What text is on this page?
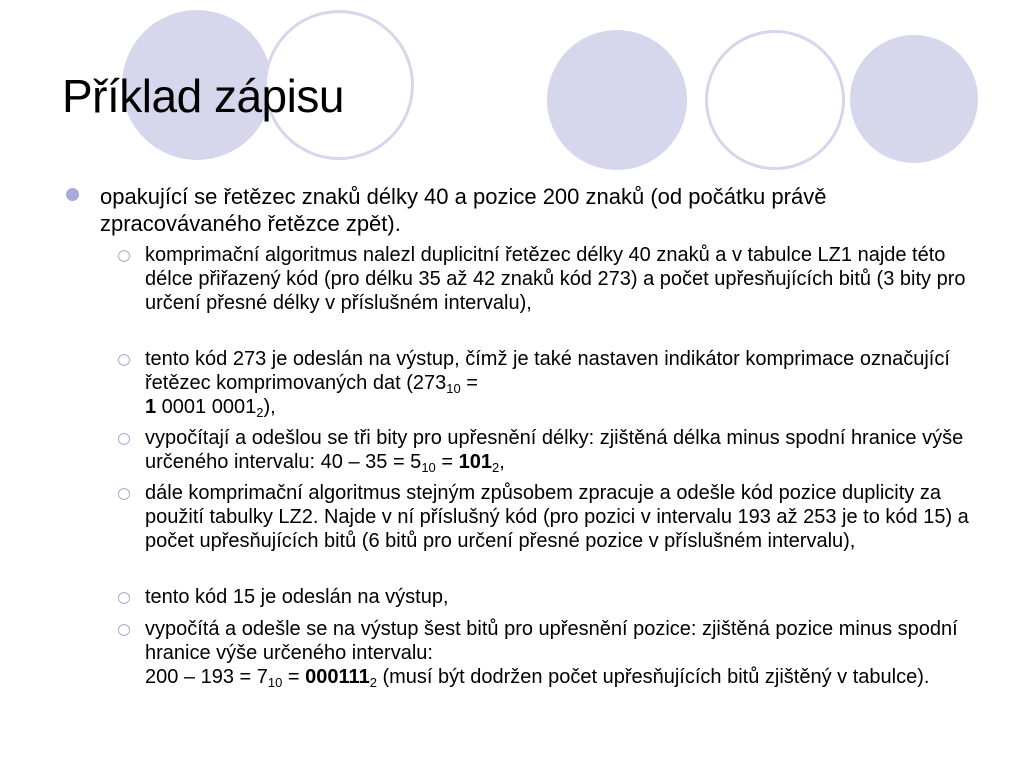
Příklad zápisu
opakující se řetězec znaků délky 40 a pozice 200 znaků (od počátku právě zpracovávaného řetězce zpět).
komprimační algoritmus nalezl duplicitní řetězec délky 40 znaků a v tabulce LZ1 najde této délce přiřazený kód (pro délku 35 až 42 znaků kód 273) a počet upřesňujících bitů (3 bity pro určení přesné délky v příslušném intervalu),
tento kód 273 je odeslán na výstup, čímž je také nastaven indikátor komprimace označující řetězec komprimovaných dat ($273_{10}$ =
1 0001 $0001_2$),
vypočítají a odešlou se tři bity pro upřesnění délky: zjištěná délka minus spodní hranice výše určeného intervalu: $40 - 35 = 5_{10} = 101_2$,
dále komprimační algoritmus stejným způsobem zpracuje a odešle kód pozice duplicity za použití tabulky LZ2. Najde v ní příslušný kód (pro pozici v intervalu 193 až 253 je to kód 15) a počet upřesňujících bitů (6 bitů pro určení přesné pozice v příslušném intervalu),
tento kód 15 je odeslán na výstup,
vypočítá a odešle se na výstup šest bitů pro upřesnění pozice: zjištěná pozice minus spodní hranice výše určeného intervalu:
$200 - 193 = 7_{10} = 000111_2$ (musí být dodržen počet upřesňujících bitů zjištěný v tabulce).
